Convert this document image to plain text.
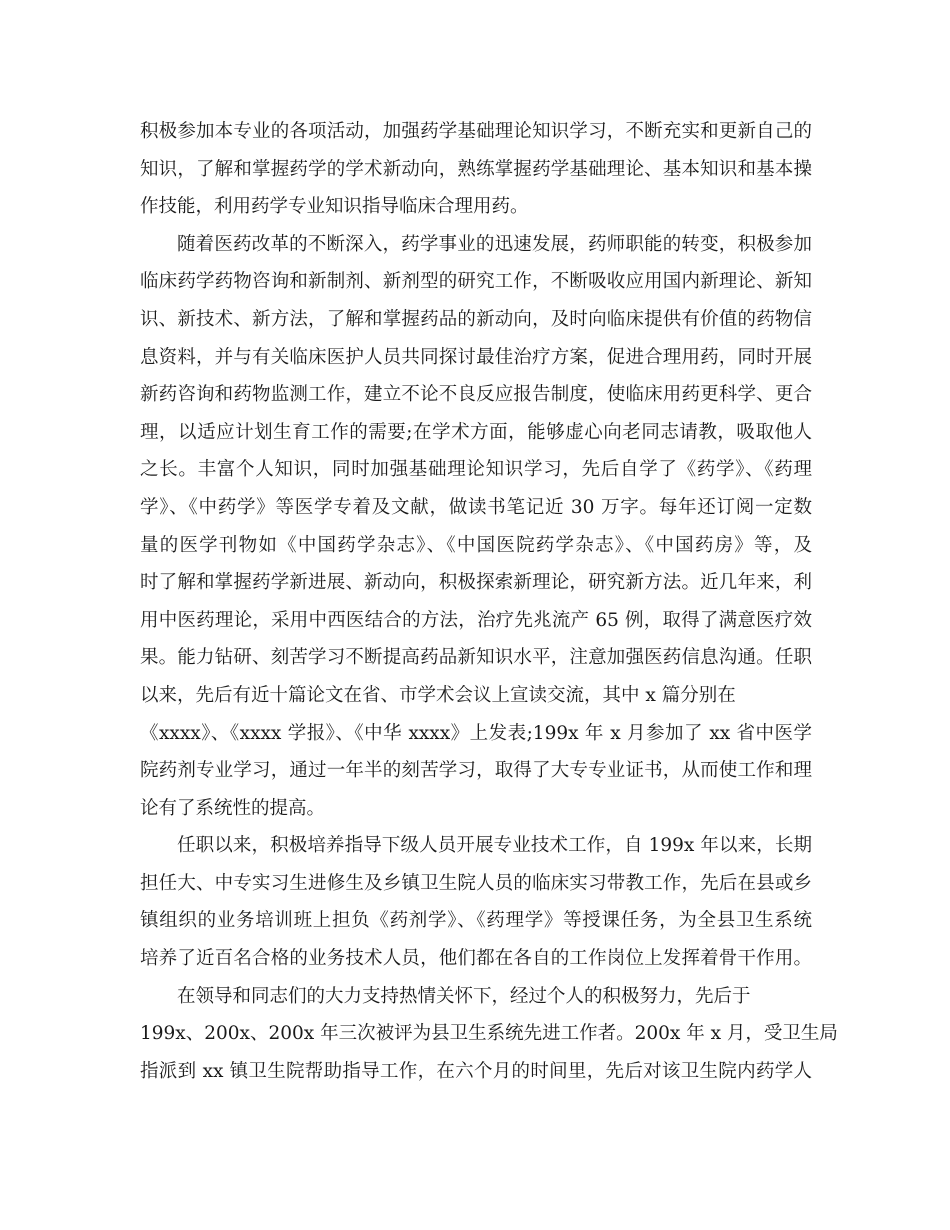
积极参加本专业的各项活动，加强药学基础理论知识学习，不断充实和更新自己的
知识，了解和掌握药学的学术新动向，熟练掌握药学基础理论、基本知识和基本操
作技能，利用药学专业知识指导临床合理用药。
随着医药改革的不断深入，药学事业的迅速发展，药师职能的转变，积极参加
临床药学药物咨询和新制剂、新剂型的研究工作，不断吸收应用国内新理论、新知
识、新技术、新方法，了解和掌握药品的新动向，及时向临床提供有价值的药物信
息资料，并与有关临床医护人员共同探讨最佳治疗方案，促进合理用药，同时开展
新药咨询和药物监测工作，建立不论不良反应报告制度，使临床用药更科学、更合
理，以适应计划生育工作的需要;在学术方面，能够虚心向老同志请教，吸取他人
之长。丰富个人知识，同时加强基础理论知识学习，先后自学了《药学》、《药理
学》、《中药学》等医学专着及文献，做读书笔记近 30 万字。每年还订阅一定数
量的医学刊物如《中国药学杂志》、《中国医院药学杂志》、《中国药房》等，及
时了解和掌握药学新进展、新动向，积极探索新理论，研究新方法。近几年来，利
用中医药理论，采用中西医结合的方法，治疗先兆流产 65 例，取得了满意医疗效
果。能力钻研、刻苦学习不断提高药品新知识水平，注意加强医药信息沟通。任职
以来，先后有近十篇论文在省、市学术会议上宣读交流，其中 x 篇分别在
《xxxx》、《xxxx 学报》、《中华 xxxx》上发表;199x 年 x 月参加了 xx 省中医学
院药剂专业学习，通过一年半的刻苦学习，取得了大专专业证书，从而使工作和理
论有了系统性的提高。
任职以来，积极培养指导下级人员开展专业技术工作，自 199x 年以来，长期
担任大、中专实习生进修生及乡镇卫生院人员的临床实习带教工作，先后在县或乡
镇组织的业务培训班上担负《药剂学》、《药理学》等授课任务，为全县卫生系统
培养了近百名合格的业务技术人员，他们都在各自的工作岗位上发挥着骨干作用。
在领导和同志们的大力支持热情关怀下，经过个人的积极努力，先后于
199x、200x、200x 年三次被评为县卫生系统先进工作者。200x 年 x 月，受卫生局
指派到 xx 镇卫生院帮助指导工作，在六个月的时间里，先后对该卫生院内药学人
